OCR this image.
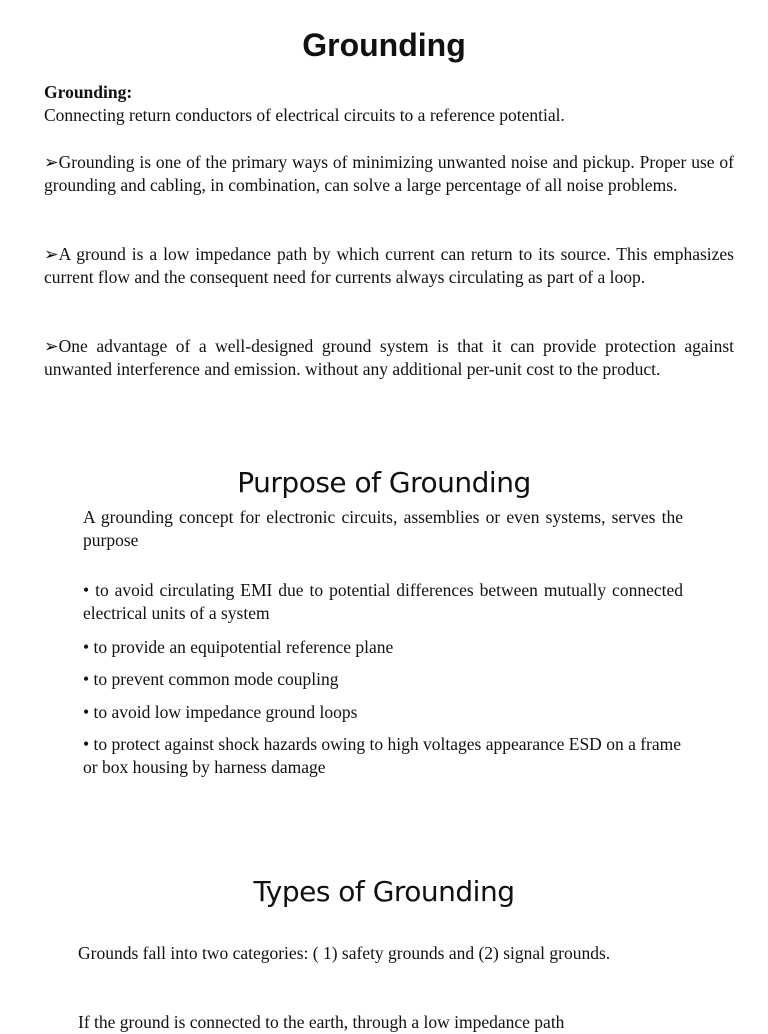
Grounding
Grounding:
Connecting return conductors of electrical circuits to a reference potential.

➢Grounding is one of the primary ways of minimizing unwanted noise and pickup. Proper use of grounding and cabling, in combination, can solve a large percentage of all noise problems.

➢A ground is a low impedance path by which current can return to its source. This emphasizes current flow and the consequent need for currents always circulating as part of a loop.

➢One advantage of a well-designed ground system is that it can provide protection against unwanted interference and emission. without any additional per-unit cost to the product.

Purpose of Grounding

A grounding concept for electronic circuits, assemblies or even systems, serves the purpose

• to avoid circulating EMI due to potential differences between mutually connected electrical units of a system

• to provide an equipotential reference plane

• to prevent common mode coupling

• to avoid low impedance ground loops

• to protect against shock hazards owing to high voltages appearance ESD on a frame or box housing by harness damage

Types of Grounding

Grounds fall into two categories: ( 1) safety grounds and (2) signal grounds.

If the ground is connected to the earth, through a low impedance path
